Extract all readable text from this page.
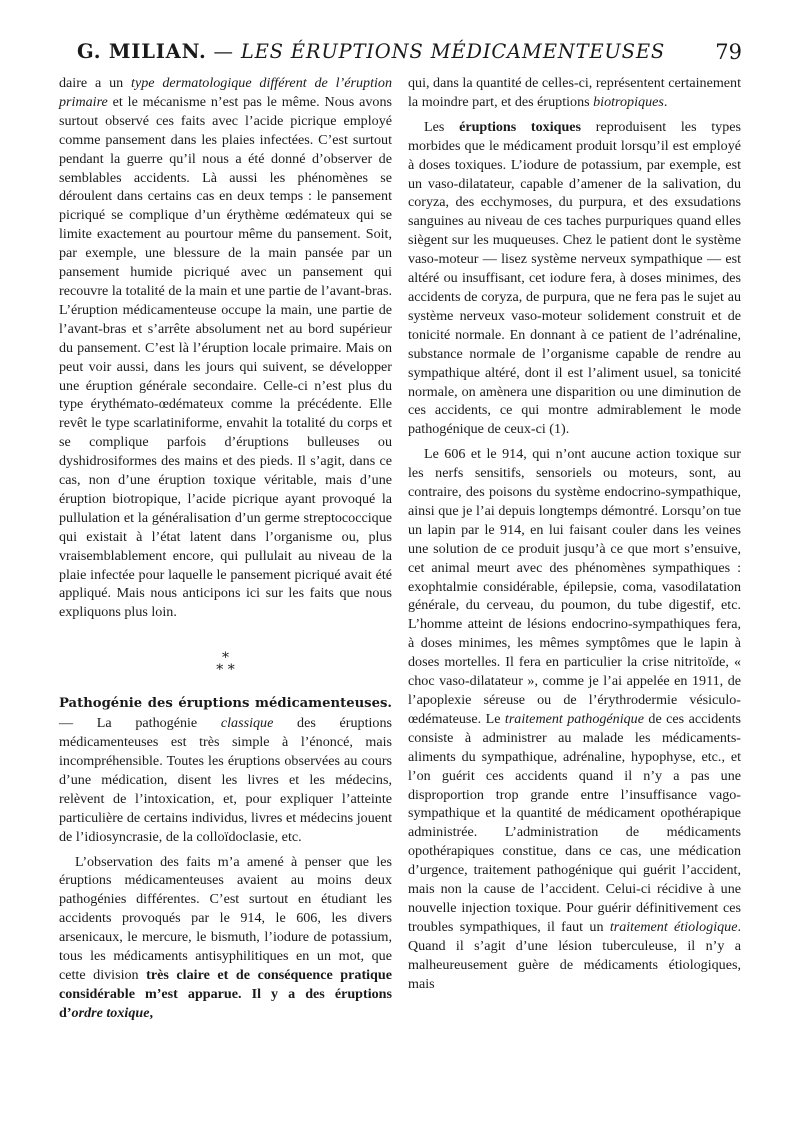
G. MILIAN. — LES ÉRUPTIONS MÉDICAMENTEUSES	79

daire a un type dermatologique différent de l’éruption primaire et le mécanisme n’est pas le même. Nous avons surtout observé ces faits avec l’acide picrique employé comme pansement dans les plaies infectées. C’est surtout pendant la guerre qu’il nous a été donné d’observer de semblables accidents. Là aussi les phénomènes se déroulent dans certains cas en deux temps : le pansement picriqué se complique d’un érythème œdémateux qui se limite exactement au pourtour même du pansement. Soit, par exemple, une blessure de la main pansée par un pansement humide picriqué avec un pansement qui recouvre la totalité de la main et une partie de l’avant-bras. L’éruption médicamenteuse occupe la main, une partie de l’avant-bras et s’arrête absolument net au bord supérieur du pansement. C’est là l’éruption locale primaire. Mais on peut voir aussi, dans les jours qui suivent, se développer une éruption générale secondaire. Celle-ci n’est plus du type érythémato-œdémateux comme la précédente. Elle revêt le type scarlatiniforme, envahit la totalité du corps et se complique parfois d’éruptions bulleuses ou dyshidrosiformes des mains et des pieds. Il s’agit, dans ce cas, non d’une éruption toxique véritable, mais d’une éruption biotropique, l’acide picrique ayant provoqué la pullulation et la généralisation d’un germe streptococcique qui existait à l’état latent dans l’organisme ou, plus vraisemblablement encore, qui pullulait au niveau de la plaie infectée pour laquelle le pansement picriqué avait été appliqué. Mais nous anticipons ici sur les faits que nous expliquons plus loin.

*
* *

Pathogénie des éruptions médicamenteuses. — La pathogénie classique des éruptions médicamenteuses est très simple à l’énoncé, mais incompréhensible. Toutes les éruptions observées au cours d’une médication, disent les livres et les médecins, relèvent de l’intoxication, et, pour expliquer l’atteinte particulière de certains individus, livres et médecins jouent de l’idiosyncrasie, de la colloïdoclasie, etc.

L’observation des faits m’a amené à penser que les éruptions médicamenteuses avaient au moins deux pathogénies différentes. C’est surtout en étudiant les accidents provoqués par le 914, le 606, les divers arsenicaux, le mercure, le bismuth, l’iodure de potassium, tous les médicaments antisyphilitiques en un mot, que cette division très claire et de conséquence pratique considérable m’est apparue. Il y a des éruptions d’ordre toxique,

qui, dans la quantité de celles-ci, représentent certainement la moindre part, et des éruptions biotropiques.

Les éruptions toxiques reproduisent les types morbides que le médicament produit lorsqu’il est employé à doses toxiques. L’iodure de potassium, par exemple, est un vaso-dilatateur, capable d’amener de la salivation, du coryza, des ecchymoses, du purpura, et des exsudations sanguines au niveau de ces taches purpuriques quand elles siègent sur les muqueuses. Chez le patient dont le système vaso-moteur — lisez système nerveux sympathique — est altéré ou insuffisant, cet iodure fera, à doses minimes, des accidents de coryza, de purpura, que ne fera pas le sujet au système nerveux vaso-moteur solidement construit et de tonicité normale. En donnant à ce patient de l’adrénaline, substance normale de l’organisme capable de rendre au sympathique altéré, dont il est l’aliment usuel, sa tonicité normale, on amènera une disparition ou une diminution de ces accidents, ce qui montre admirablement le mode pathogénique de ceux-ci (1).

Le 606 et le 914, qui n’ont aucune action toxique sur les nerfs sensitifs, sensoriels ou moteurs, sont, au contraire, des poisons du système endocrino-sympathique, ainsi que je l’ai depuis longtemps démontré. Lorsqu’on tue un lapin par le 914, en lui faisant couler dans les veines une solution de ce produit jusqu’à ce que mort s’ensuive, cet animal meurt avec des phénomènes sympathiques : exophtalmie considérable, épilepsie, coma, vasodilatation générale, du cerveau, du poumon, du tube digestif, etc. L’homme atteint de lésions endocrino-sympathiques fera, à doses minimes, les mêmes symptômes que le lapin à doses mortelles. Il fera en particulier la crise nitritoïde, « choc vaso-dilatateur », comme je l’ai appelée en 1911, de l’apoplexie séreuse ou de l’érythrodermie vésiculo-œdémateuse. Le traitement pathogénique de ces accidents consiste à administrer au malade les médicaments-aliments du sympathique, adrénaline, hypophyse, etc., et l’on guérit ces accidents quand il n’y a pas une disproportion trop grande entre l’insuffisance vago-sympathique et la quantité de médicament opothérapique administrée. L’administration de médicaments opothérapiques constitue, dans ce cas, une médication d’urgence, traitement pathogénique qui guérit l’accident, mais non la cause de l’accident. Celui-ci récidive à une nouvelle injection toxique. Pour guérir définitivement ces troubles sympathiques, il faut un traitement étiologique. Quand il s’agit d’une lésion tuberculeuse, il n’y a malheureusement guère de médicaments étiologiques, mais
